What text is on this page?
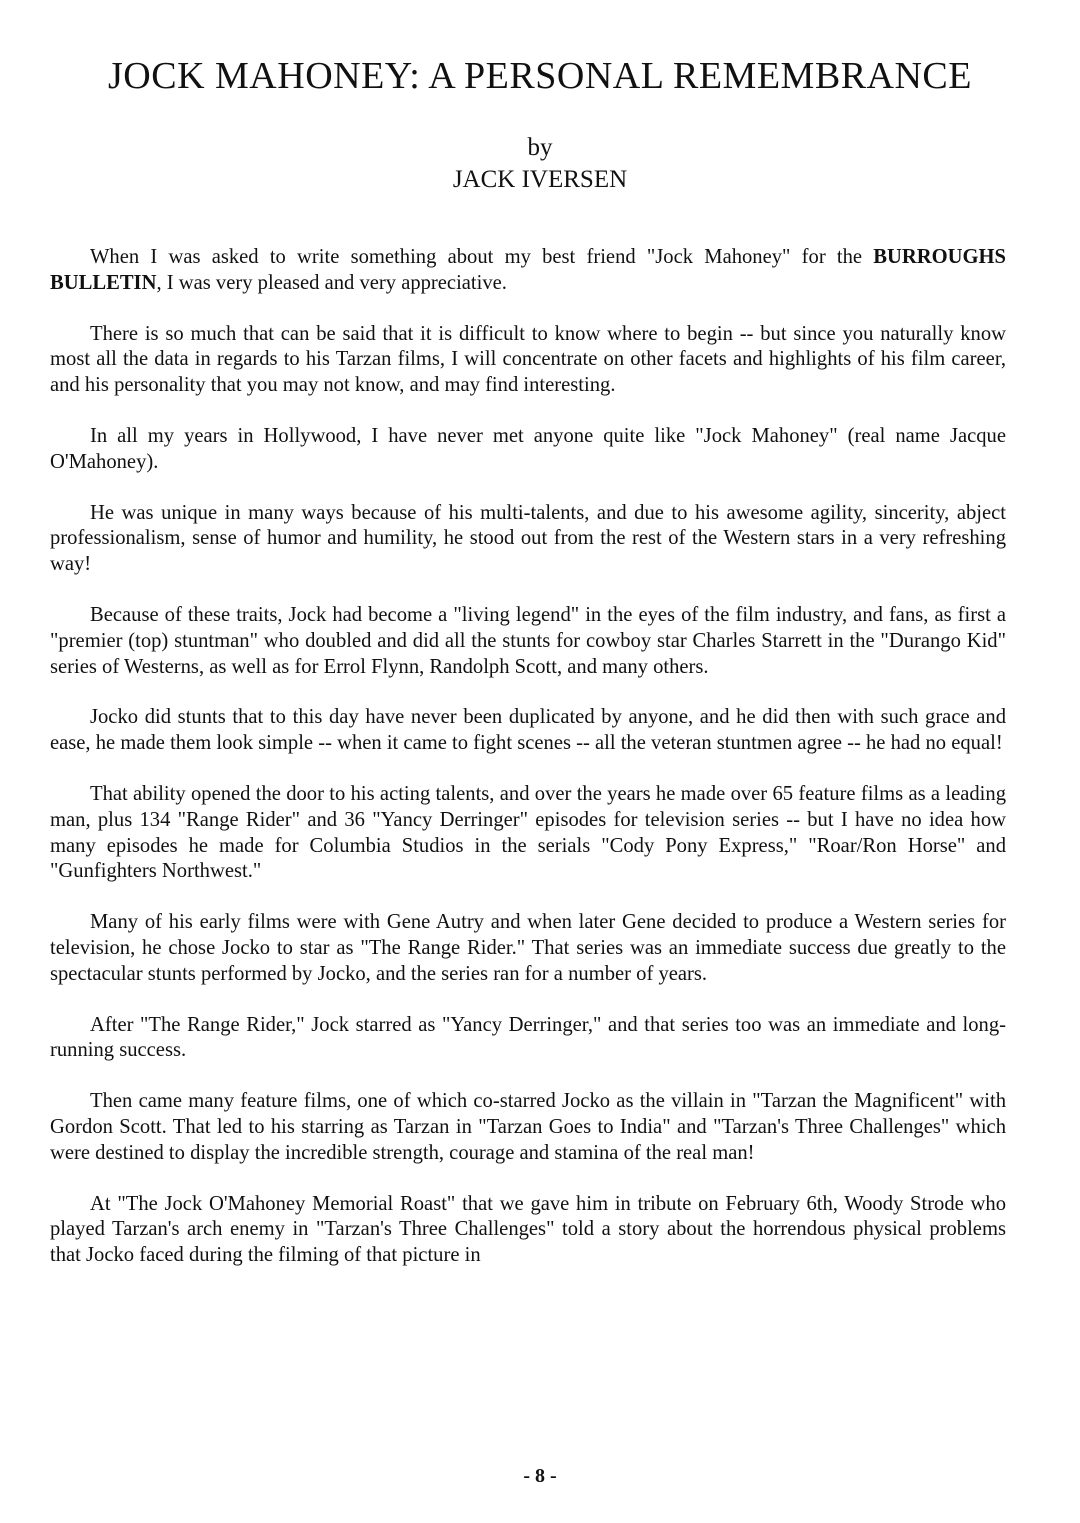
JOCK MAHONEY: A PERSONAL REMEMBRANCE
by
JACK IVERSEN

When I was asked to write something about my best friend "Jock Mahoney" for the BURROUGHS BULLETIN, I was very pleased and very appreciative.

There is so much that can be said that it is difficult to know where to begin -- but since you naturally know most all the data in regards to his Tarzan films, I will concentrate on other facets and highlights of his film career, and his personality that you may not know, and may find interesting.

In all my years in Hollywood, I have never met anyone quite like "Jock Mahoney" (real name Jacque O'Mahoney).

He was unique in many ways because of his multi-talents, and due to his awesome agility, sincerity, abject professionalism, sense of humor and humility, he stood out from the rest of the Western stars in a very refreshing way!

Because of these traits, Jock had become a "living legend" in the eyes of the film industry, and fans, as first a "premier (top) stuntman" who doubled and did all the stunts for cowboy star Charles Starrett in the "Durango Kid" series of Westerns, as well as for Errol Flynn, Randolph Scott, and many others.

Jocko did stunts that to this day have never been duplicated by anyone, and he did then with such grace and ease, he made them look simple -- when it came to fight scenes -- all the veteran stuntmen agree -- he had no equal!

That ability opened the door to his acting talents, and over the years he made over 65 feature films as a leading man, plus 134 "Range Rider" and 36 "Yancy Derringer" episodes for television series -- but I have no idea how many episodes he made for Columbia Studios in the serials "Cody Pony Express," "Roar/Ron Horse" and "Gunfighters Northwest."

Many of his early films were with Gene Autry and when later Gene decided to produce a Western series for television, he chose Jocko to star as "The Range Rider." That series was an immediate success due greatly to the spectacular stunts performed by Jocko, and the series ran for a number of years.

After "The Range Rider," Jock starred as "Yancy Derringer," and that series too was an immediate and long-running success.

Then came many feature films, one of which co-starred Jocko as the villain in "Tarzan the Magnificent" with Gordon Scott. That led to his starring as Tarzan in "Tarzan Goes to India" and "Tarzan's Three Challenges" which were destined to display the incredible strength, courage and stamina of the real man!

At "The Jock O'Mahoney Memorial Roast" that we gave him in tribute on February 6th, Woody Strode who played Tarzan's arch enemy in "Tarzan's Three Challenges" told a story about the horrendous physical problems that Jocko faced during the filming of that picture in

- 8 -
